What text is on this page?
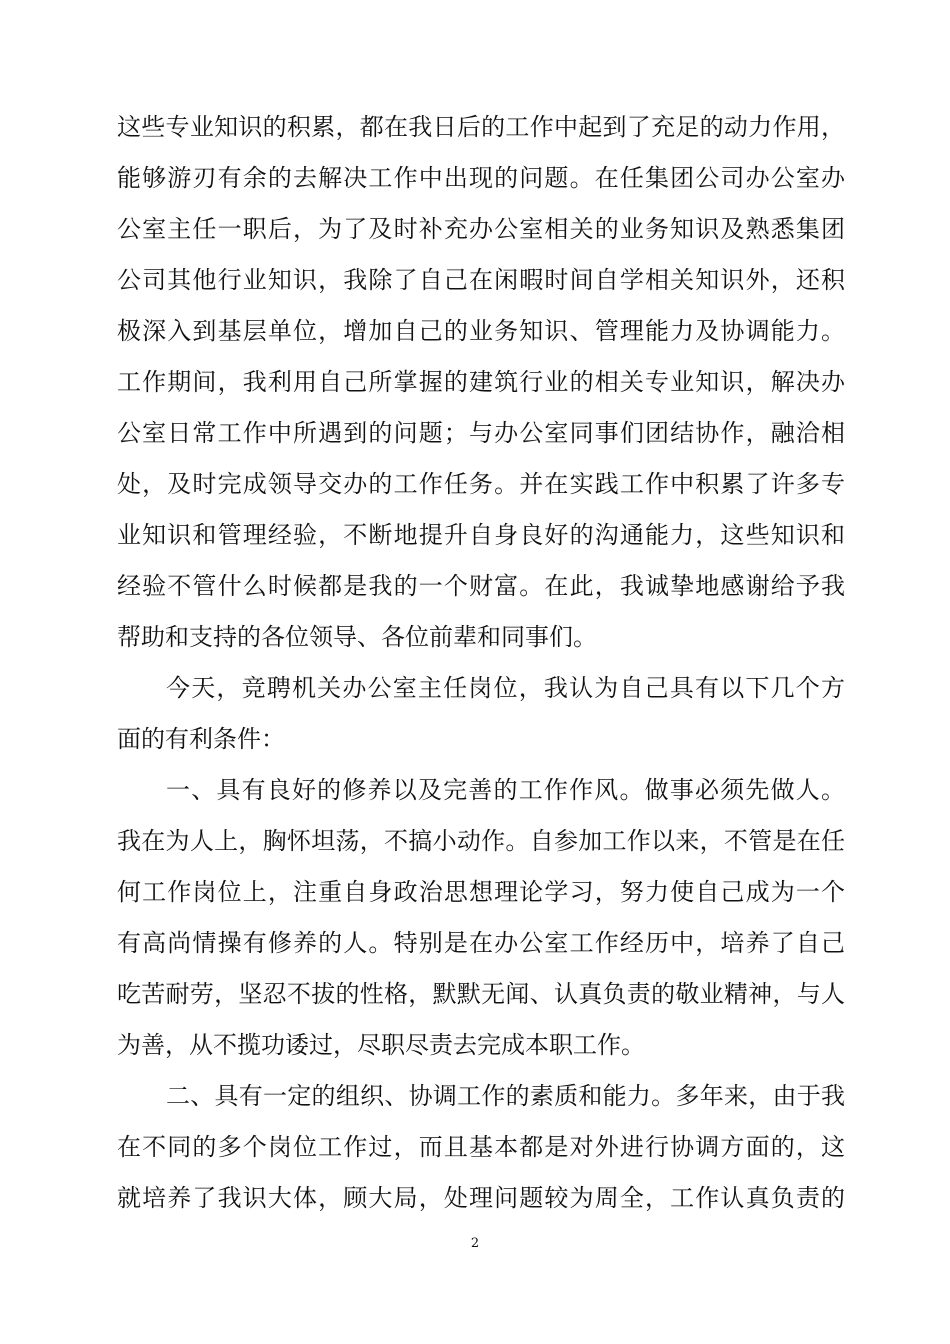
这些专业知识的积累，都在我日后的工作中起到了充足的动力作用，
能够游刃有余的去解决工作中出现的问题。在任集团公司办公室办
公室主任一职后，为了及时补充办公室相关的业务知识及熟悉集团
公司其他行业知识，我除了自己在闲暇时间自学相关知识外，还积
极深入到基层单位，增加自己的业务知识、管理能力及协调能力。
工作期间，我利用自己所掌握的建筑行业的相关专业知识，解决办
公室日常工作中所遇到的问题；与办公室同事们团结协作，融洽相
处，及时完成领导交办的工作任务。并在实践工作中积累了许多专
业知识和管理经验，不断地提升自身良好的沟通能力，这些知识和
经验不管什么时候都是我的一个财富。在此，我诚挚地感谢给予我
帮助和支持的各位领导、各位前辈和同事们。
今天，竞聘机关办公室主任岗位，我认为自己具有以下几个方
面的有利条件：
一、具有良好的修养以及完善的工作作风。做事必须先做人。
我在为人上，胸怀坦荡，不搞小动作。自参加工作以来，不管是在任
何工作岗位上，注重自身政治思想理论学习，努力使自己成为一个
有高尚情操有修养的人。特别是在办公室工作经历中，培养了自己
吃苦耐劳，坚忍不拔的性格，默默无闻、认真负责的敬业精神，与人
为善，从不揽功诿过，尽职尽责去完成本职工作。
二、具有一定的组织、协调工作的素质和能力。多年来，由于我
在不同的多个岗位工作过，而且基本都是对外进行协调方面的，这
就培养了我识大体，顾大局，处理问题较为周全，工作认真负责的
2
